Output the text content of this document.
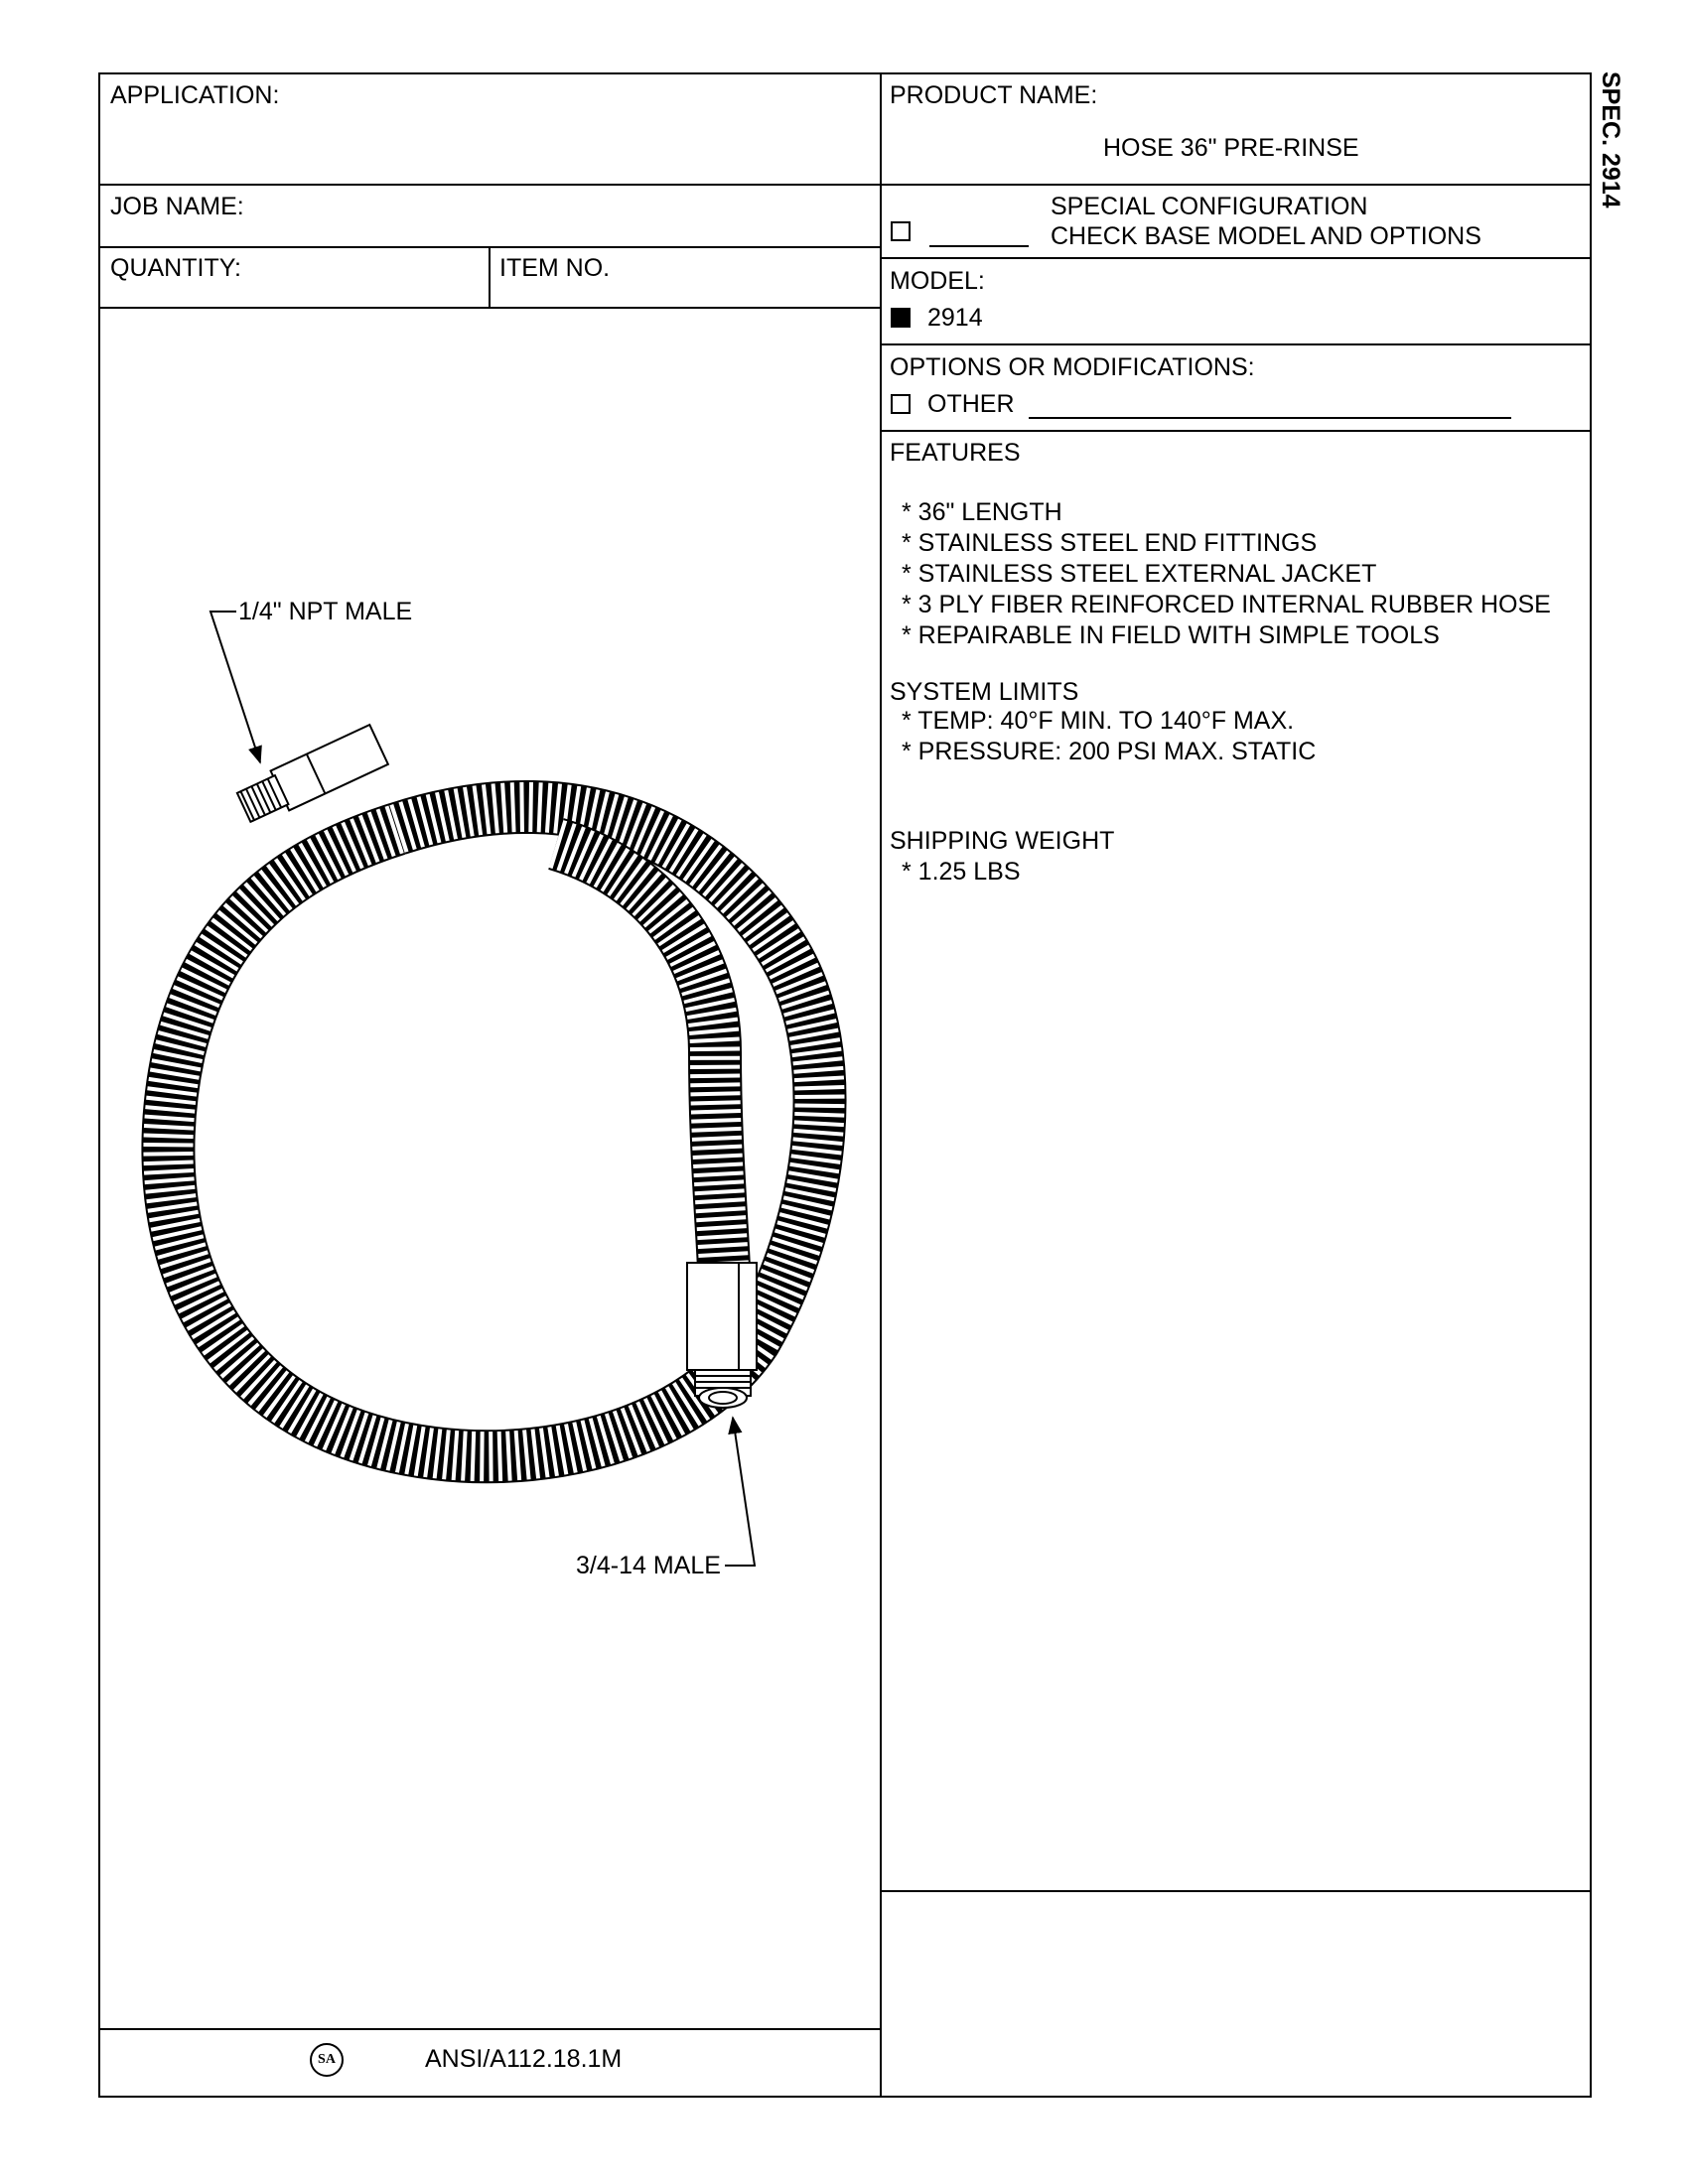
SPEC. 2914
APPLICATION:
JOB NAME:
QUANTITY:	ITEM NO.
1/4" NPT MALE
3/4-14 MALE
SA	ANSI/A112.18.1M
PRODUCT NAME:
HOSE 36" PRE-RINSE
SPECIAL CONFIGURATION
CHECK BASE MODEL AND OPTIONS
MODEL:
2914
OPTIONS OR MODIFICATIONS:
OTHER
FEATURES
* 36" LENGTH
* STAINLESS STEEL END FITTINGS
* STAINLESS STEEL EXTERNAL JACKET
* 3 PLY FIBER REINFORCED INTERNAL RUBBER HOSE
* REPAIRABLE IN FIELD WITH SIMPLE TOOLS
SYSTEM LIMITS
* TEMP: 40°F MIN. TO 140°F MAX.
* PRESSURE: 200 PSI MAX. STATIC
SHIPPING WEIGHT
* 1.25 LBS
